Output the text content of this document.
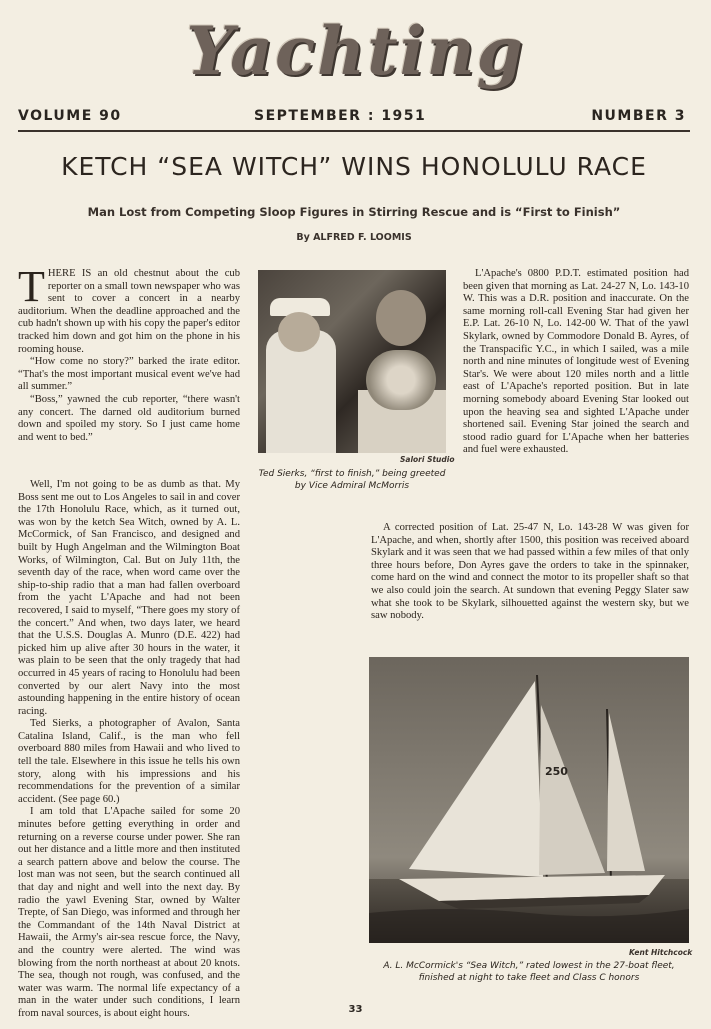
Yachting
VOLUME 90	SEPTEMBER : 1951	NUMBER 3
KETCH “SEA WITCH” WINS HONOLULU RACE
Man Lost from Competing Sloop Figures in Stirring Rescue and is “First to Finish”
By ALFRED F. LOOMIS

THERE IS an old chestnut about the cub reporter on a small town newspaper who was sent to cover a concert in a nearby auditorium. When the deadline approached and the cub hadn't shown up with his copy the paper's editor tracked him down and got him on the phone in his rooming house.

“How come no story?” barked the irate editor. “That's the most important musical event we've had all summer.”

“Boss,” yawned the cub reporter, “there wasn't any concert. The darned old auditorium burned down and spoiled my story. So I just came home and went to bed.”

Well, I'm not going to be as dumb as that. My Boss sent me out to Los Angeles to sail in and cover the 17th Honolulu Race, which, as it turned out, was won by the ketch Sea Witch, owned by A. L. McCormick, of San Francisco, and designed and built by Hugh Angelman and the Wilmington Boat Works, of Wilmington, Cal. But on July 11th, the seventh day of the race, when word came over the ship-to-ship radio that a man had fallen overboard from the yacht L'Apache and had not been recovered, I said to myself, “There goes my story of the concert.” And when, two days later, we heard that the U.S.S. Douglas A. Munro (D.E. 422) had picked him up alive after 30 hours in the water, it was plain to be seen that the only tragedy that had occurred in 45 years of racing to Honolulu had been converted by our alert Navy into the most astounding happening in the entire history of ocean racing.

Ted Sierks, a photographer of Avalon, Santa Catalina Island, Calif., is the man who fell overboard 880 miles from Hawaii and who lived to tell the tale. Elsewhere in this issue he tells his own story, along with his impressions and his recommendations for the prevention of a similar accident. (See page 60.)

I am told that L'Apache sailed for some 20 minutes before getting everything in order and returning on a reverse course under power. She ran out her distance and a little more and then instituted a search pattern above and below the course. The lost man was not seen, but the search continued all that day and night and well into the next day. By radio the yawl Evening Star, owned by Walter Trepte, of San Diego, was informed and through her the Commandant of the 14th Naval District at Hawaii, the Army's air-sea rescue force, the Navy, and the country were alerted. The wind was blowing from the north northeast at about 20 knots. The sea, though not rough, was confused, and the water was warm. The normal life expectancy of a man in the water under such conditions, I learn from naval sources, is about eight hours.

Salori Studio
Ted Sierks, “first to finish,” being greeted by Vice Admiral McMorris

L'Apache's 0800 P.D.T. estimated position had been given that morning as Lat. 24-27 N, Lo. 143-10 W. This was a D.R. position and inaccurate. On the same morning roll-call Evening Star had given her E.P. Lat. 26-10 N, Lo. 142-00 W. That of the yawl Skylark, owned by Commodore Donald B. Ayres, of the Transpacific Y.C., in which I sailed, was a mile north and nine minutes of longitude west of Evening Star's. We were about 120 miles north and a little east of L'Apache's reported position. But in late morning somebody aboard Evening Star looked out upon the heaving sea and sighted L'Apache under shortened sail. Evening Star joined the search and stood radio guard for L'Apache when her batteries and fuel were exhausted.

A corrected position of Lat. 25-47 N, Lo. 143-28 W was given for L'Apache, and when, shortly after 1500, this position was received aboard Skylark and it was seen that we had passed within a few miles of that only three hours before, Don Ayres gave the orders to take in the spinnaker, come hard on the wind and connect the motor to its propeller shaft so that we also could join the search. At sundown that evening Peggy Slater saw what she took to be Skylark, silhouetted against the western sky, but we saw nobody.

250
Kent Hitchcock
A. L. McCormick's “Sea Witch,” rated lowest in the 27-boat fleet, finished at night to take fleet and Class C honors
33
